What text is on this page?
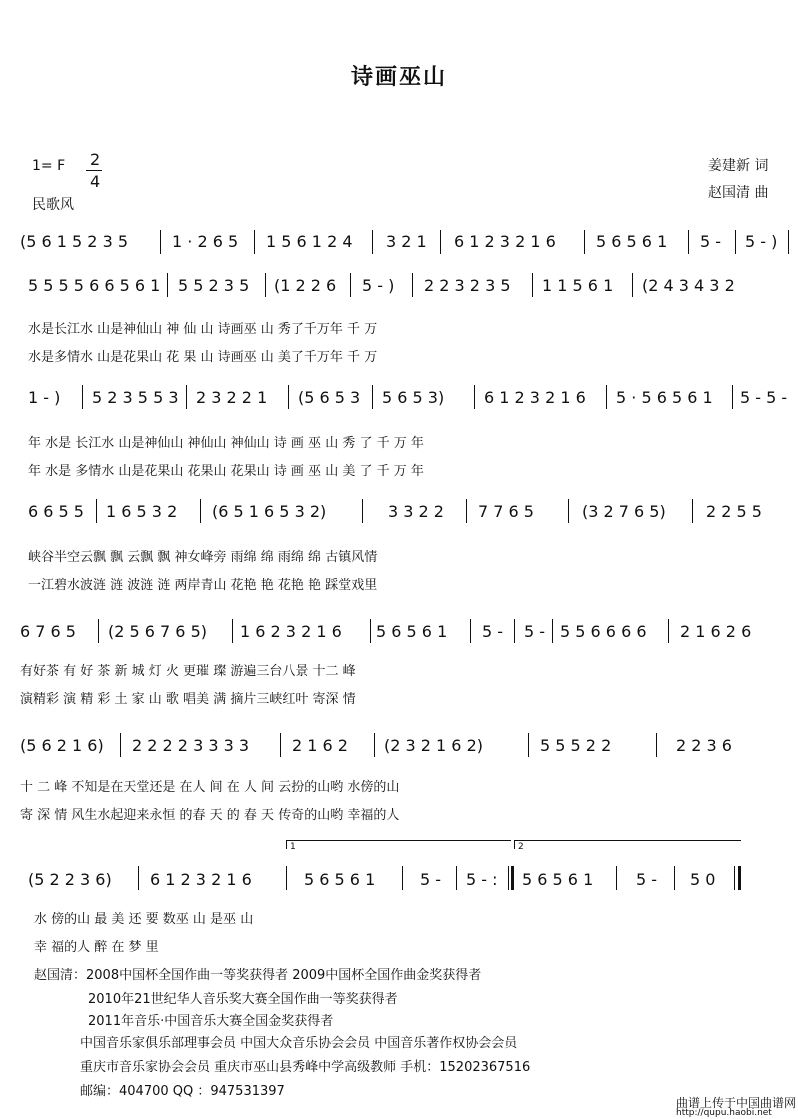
诗画巫山
1= F 2
4
民歌风
姜建新 词
赵国清 曲
(5 6 1 5 2 3 5	1 · 2 6 5 1 5 6 1 2 4 3 2 1 6 1 2 3 2 1 6	5 6 5 6 1 5 - 5 - )
5 5 5 5 6 6 5 6 1 5 5 2 3 5 (1 2 2 6 5 - ) 2 2 3 2 3 5 1 1 5 6 1 (2 4 3 4 3 2
水是长江水 山是神仙山 神 仙 山 诗画巫 山 秀了千万年 千 万
水是多情水 山是花果山 花 果 山 诗画巫 山 美了千万年 千 万
1 - ) 5 2 3 5 5 3 2 3 2 2 1 (5 6 5 3 5 6 5 3) 6 1 2 3 2 1 6 5 · 5 6 5 6 1 5 - 5 -
年 水是 长江水 山是神仙山 神仙山 神仙山 诗 画 巫 山 秀 了 千 万 年
年 水是 多情水 山是花果山 花果山 花果山 诗 画 巫 山 美 了 千 万 年
6 6 5 5 1 6 5 3 2 (6 5 1 6 5 3 2)	3 3 2 2 7 7 6 5	(3 2 7 6 5)	2 2 5 5
峡谷半空云飘 飘 云飘 飘 神女峰旁 雨绵 绵 雨绵 绵 古镇风情
一江碧水波涟 涟 波涟 涟 两岸青山 花艳 艳 花艳 艳 踩堂戏里
6 7 6 5 (2 5 6 7 6 5) 1 6 2 3 2 1 6 5 6 5 6 1 5 - 5 - 5 5 6 6 6 6 2 1 6 2 6
有好茶 有 好 茶 新 城 灯 火 更璀 璨 游遍三台八景 十二 峰
演精彩 演 精 彩 土 家 山 歌 唱美 满 摘片三峡红叶 寄深 情
(5 6 2 1 6) 2 2 2 2 3 3 3 3	2 1 6 2 (2 3 2 1 6 2)	5 5 5 2 2	2 2 3 6
十 二 峰 不知是在天堂还是 在人 间 在 人 间 云扮的山哟 水傍的山
寄 深 情 风生水起迎来永恒 的春 天 的 春 天 传奇的山哟 幸福的人
1	2
(5 2 2 3 6) 6 1 2 3 2 1 6	5 6 5 6 1	5 - 5 - : 5 6 5 6 1	5 - 5 0
水 傍的山 最 美 还 要 数巫 山 是巫 山
幸 福的人 醉 在 梦 里
赵国清：2008中国杯全国作曲一等奖获得者 2009中国杯全国作曲金奖获得者
2010年21世纪华人音乐奖大赛全国作曲一等奖获得者
2011年音乐·中国音乐大赛全国金奖获得者
中国音乐家俱乐部理事会员 中国大众音乐协会会员 中国音乐著作权协会会员
重庆市音乐家协会会员 重庆市巫山县秀峰中学高级教师 手机：15202367516
邮编：404700 QQ ：947531397
曲谱上传于中国曲谱网
http://qupu.haobi.net
